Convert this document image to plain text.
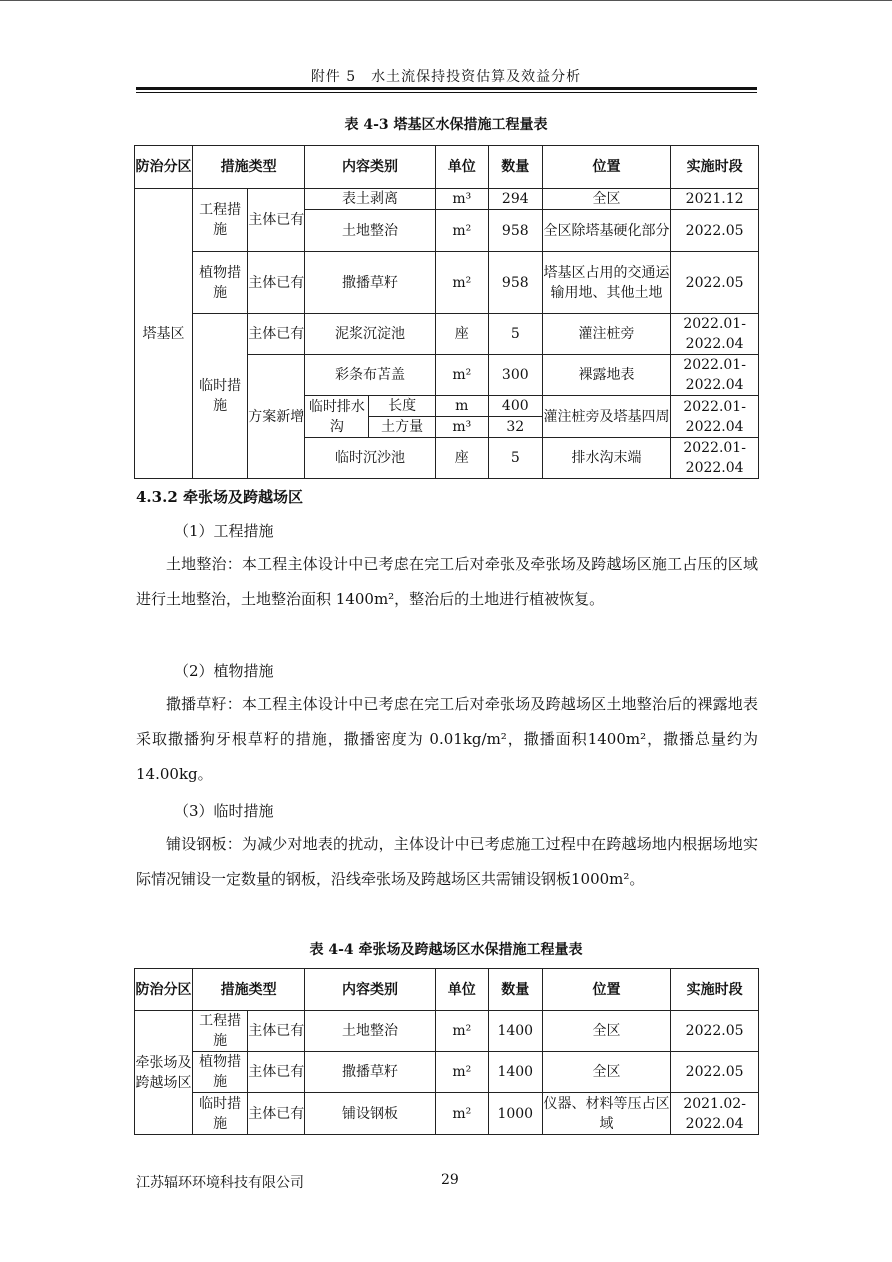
附件 5　水土流保持投资估算及效益分析
表 4-3 塔基区水保措施工程量表
防治分区	措施类型		内容类别		单位	数量	位置	实施时段
塔基区	工程措施	主体已有	表土剥离		m³	294	全区	2021.12
			土地整治		m²	958	全区除塔基硬化部分	2022.05
	植物措施	主体已有	撒播草籽		m²	958	塔基区占用的交通运输用地、其他土地	2022.05
	临时措施	主体已有	泥浆沉淀池		座	5	灌注桩旁	2022.01-2022.04
		方案新增	彩条布苫盖		m²	300	裸露地表	2022.01-2022.04
			临时排水沟	长度	m	400	灌注桩旁及塔基四周	2022.01-2022.04
				土方量	m³	32		
			临时沉沙池		座	5	排水沟末端	2022.01-2022.04
4.3.2 牵张场及跨越场区
（1）工程措施
土地整治：本工程主体设计中已考虑在完工后对牵张及牵张场及跨越场区施工占压的区域进行土地整治，土地整治面积 1400m²，整治后的土地进行植被恢复。
（2）植物措施
撒播草籽：本工程主体设计中已考虑在完工后对牵张场及跨越场区土地整治后的裸露地表采取撒播狗牙根草籽的措施，撒播密度为 0.01kg/m²，撒播面积1400m²，撒播总量约为 14.00kg。
（3）临时措施
铺设钢板：为减少对地表的扰动，主体设计中已考虑施工过程中在跨越场地内根据场地实际情况铺设一定数量的钢板，沿线牵张场及跨越场区共需铺设钢板1000m²。
表 4-4 牵张场及跨越场区水保措施工程量表
防治分区	措施类型		内容类别	单位	数量	位置	实施时段
牵张场及跨越场区	工程措施	主体已有	土地整治	m²	1400	全区	2022.05
	植物措施	主体已有	撒播草籽	m²	1400	全区	2022.05
	临时措施	主体已有	铺设钢板	m²	1000	仪器、材料等压占区域	2021.02-2022.04
江苏辐环环境科技有限公司	29
